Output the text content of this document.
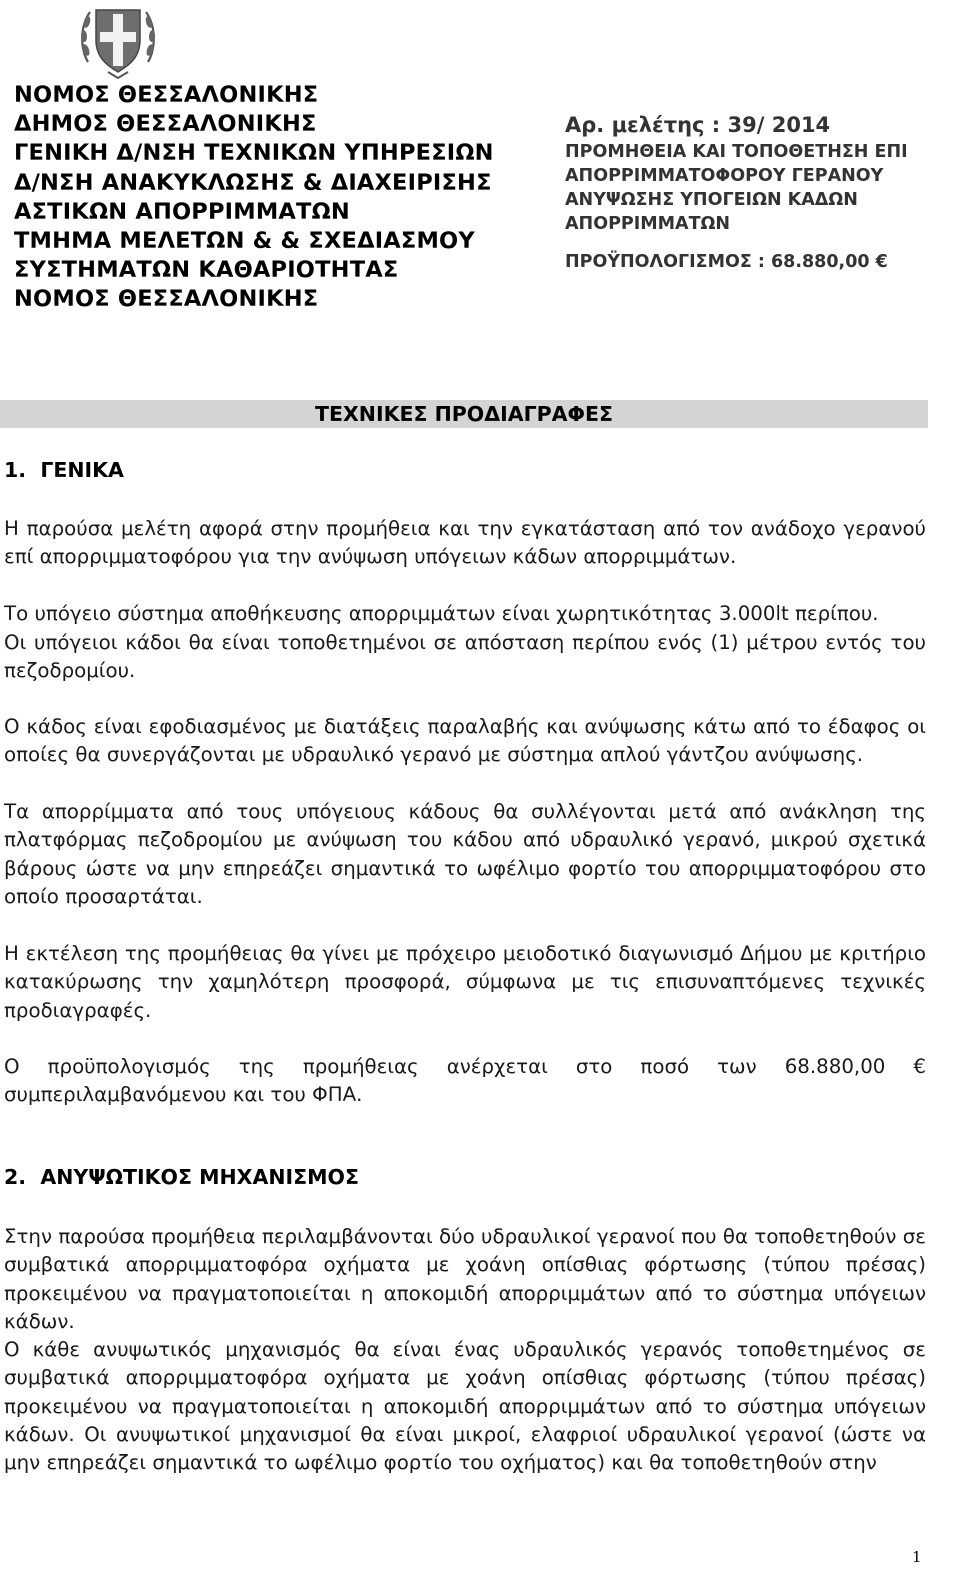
ΝΟΜΟΣ ΘΕΣΣΑΛΟΝΙΚΗΣ
ΔΗΜΟΣ ΘΕΣΣΑΛΟΝΙΚΗΣ
ΓΕΝΙΚΗ Δ/ΝΣΗ ΤΕΧΝΙΚΩΝ ΥΠΗΡΕΣΙΩΝ
Δ/ΝΣΗ ΑΝΑΚΥΚΛΩΣΗΣ & ΔΙΑΧΕΙΡΙΣΗΣ
ΑΣΤΙΚΩΝ ΑΠΟΡΡΙΜΜΑΤΩΝ
ΤΜΗΜΑ ΜΕΛΕΤΩΝ & & ΣΧΕΔΙΑΣΜΟΥ
ΣΥΣΤΗΜΑΤΩΝ ΚΑΘΑΡΙΟΤΗΤΑΣ
ΝΟΜΟΣ ΘΕΣΣΑΛΟΝΙΚΗΣ
Αρ. μελέτης : 39/ 2014
ΠΡΟΜΗΘΕΙΑ ΚΑΙ ΤΟΠΟΘΕΤΗΣΗ ΕΠΙ
ΑΠΟΡΡΙΜΜΑΤΟΦΟΡΟΥ ΓΕΡΑΝΟΥ
ΑΝΥΨΩΣΗΣ ΥΠΟΓΕΙΩΝ ΚΑΔΩΝ
ΑΠΟΡΡΙΜΜΑΤΩΝ
ΠΡΟΫΠΟΛΟΓΙΣΜΟΣ : 68.880,00 €
ΤΕΧΝΙΚΕΣ ΠΡΟΔΙΑΓΡΑΦΕΣ
1.  ΓΕΝΙΚΑ

Η παρούσα μελέτη αφορά στην προμήθεια και την εγκατάσταση από τον ανάδοχο γερανού επί απορριμματοφόρου για την ανύψωση υπόγειων κάδων απορριμμάτων.

Το υπόγειο σύστημα αποθήκευσης απορριμμάτων είναι χωρητικότητας 3.000lt περίπου.

Οι υπόγειοι κάδοι θα είναι τοποθετημένοι σε απόσταση περίπου ενός (1) μέτρου εντός του πεζοδρομίου.

Ο κάδος είναι εφοδιασμένος με διατάξεις παραλαβής και ανύψωσης κάτω από το έδαφος οι οποίες θα συνεργάζονται με υδραυλικό γερανό με σύστημα απλού γάντζου ανύψωσης.

Τα απορρίμματα από τους υπόγειους κάδους θα συλλέγονται μετά από ανάκληση της πλατφόρμας πεζοδρομίου με ανύψωση του κάδου από υδραυλικό γερανό, μικρού σχετικά βάρους ώστε να μην επηρεάζει σημαντικά το ωφέλιμο φορτίο του απορριμματοφόρου στο οποίο προσαρτάται.

Η εκτέλεση της προμήθειας θα γίνει με πρόχειρο μειοδοτικό διαγωνισμό Δήμου με κριτήριο κατακύρωσης την χαμηλότερη προσφορά, σύμφωνα με τις επισυναπτόμενες τεχνικές προδιαγραφές.

Ο προϋπολογισμός της προμήθειας ανέρχεται στο ποσό των 68.880,00 € συμπεριλαμβανόμενου και του ΦΠΑ.

2.  ΑΝΥΨΩΤΙΚΟΣ ΜΗΧΑΝΙΣΜΟΣ

Στην παρούσα προμήθεια περιλαμβάνονται δύο υδραυλικοί γερανοί που θα τοποθετηθούν σε συμβατικά απορριμματοφόρα οχήματα με χοάνη οπίσθιας φόρτωσης (τύπου πρέσας) προκειμένου να πραγματοποιείται η αποκομιδή απορριμμάτων από το σύστημα υπόγειων κάδων.

Ο κάθε ανυψωτικός μηχανισμός θα είναι ένας υδραυλικός γερανός τοποθετημένος σε συμβατικά απορριμματοφόρα οχήματα με χοάνη οπίσθιας φόρτωσης (τύπου πρέσας) προκειμένου να πραγματοποιείται η αποκομιδή απορριμμάτων από το σύστημα υπόγειων κάδων. Οι ανυψωτικοί μηχανισμοί θα είναι μικροί, ελαφριοί υδραυλικοί γερανοί (ώστε να μην επηρεάζει σημαντικά το ωφέλιμο φορτίο του οχήματος) και θα τοποθετηθούν στην

1
